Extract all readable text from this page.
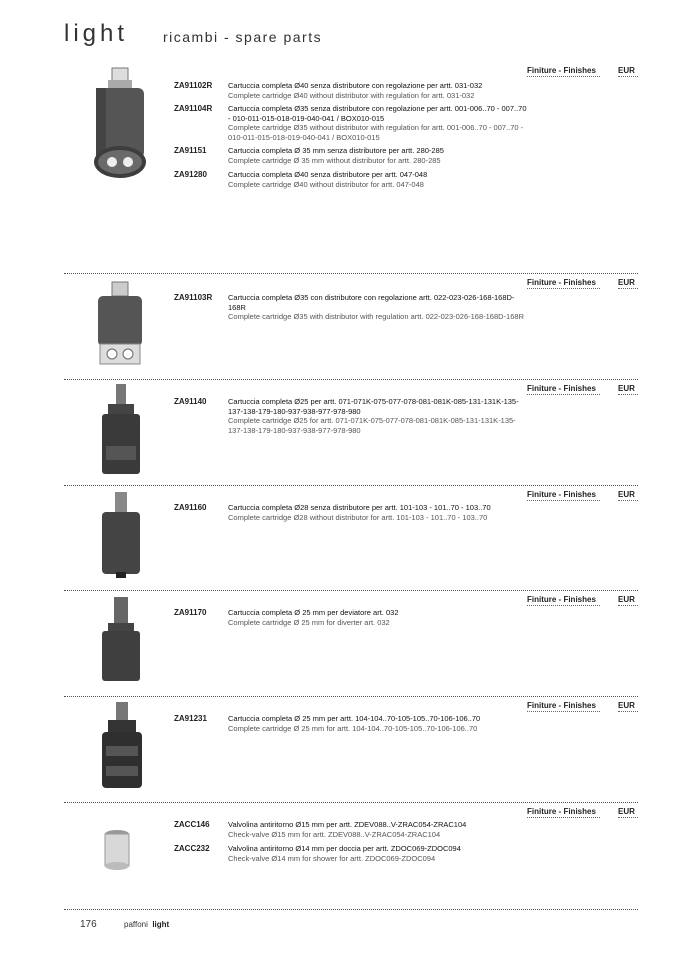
light ricambi - spare parts
Finiture - Finishes	EUR
ZA91102R Cartuccia completa Ø40 senza distributore con regolazione per artt. 031-032
Complete cartridge Ø40 without distributor with regulation for artt. 031-032
ZA91104R Cartuccia completa Ø35 senza distributore con regolazione per artt. 001-006..70 - 007..70 - 010-011-015-018-019-040-041 / BOX010-015
Complete cartridge Ø35 without distributor with regulation for artt. 001-006..70 - 007..70 - 010-011-015-018-019-040-041 / BOX010-015
ZA91151	Cartuccia completa Ø 35 mm senza distributore per artt. 280-285
Complete cartridge Ø 35 mm without distributor for artt. 280-285
ZA91280	Cartuccia completa Ø40 senza distributore per artt. 047-048
Complete cartridge Ø40 without distributor for artt. 047-048
Finiture - Finishes	EUR
ZA91103R Cartuccia completa Ø35 con distributore con regolazione artt. 022-023-026-168-168D-168R
Complete cartridge Ø35 with distributor with regulation artt. 022-023-026-168-168D-168R
Finiture - Finishes	EUR
ZA91140	Cartuccia completa Ø25 per artt. 071-071K-075-077-078-081-081K-085-131-131K-135-137-138-179-180-937-938-977-978-980
Complete cartridge Ø25 for artt. 071-071K-075-077-078-081-081K-085-131-131K-135-137-138-179-180-937-938-977-978-980
Finiture - Finishes	EUR
ZA91160	Cartuccia completa Ø28 senza distributore per artt. 101-103 - 101..70 - 103..70
Complete cartridge Ø28 without distributor for artt. 101-103 - 101..70 - 103..70
Finiture - Finishes	EUR
ZA91170	Cartuccia completa Ø 25 mm per deviatore art. 032
Complete cartridge Ø 25 mm for diverter art. 032
Finiture - Finishes	EUR
ZA91231	Cartuccia completa Ø 25 mm per artt. 104-104..70-105-105..70-106-106..70
Complete cartridge Ø 25 mm for artt. 104-104..70-105-105..70-106-106..70
Finiture - Finishes	EUR
ZACC146 Valvolina antiritorno Ø15 mm per artt. ZDEV088..V-ZRAC054-ZRAC104
Check-valve Ø15 mm for artt. ZDEV088..V-ZRAC054-ZRAC104
ZACC232 Valvolina antiritorno Ø14 mm per doccia per artt. ZDOC069-ZDOC094
Check-valve Ø14 mm for shower for artt. ZDOC069-ZDOC094
176	paffoni light
